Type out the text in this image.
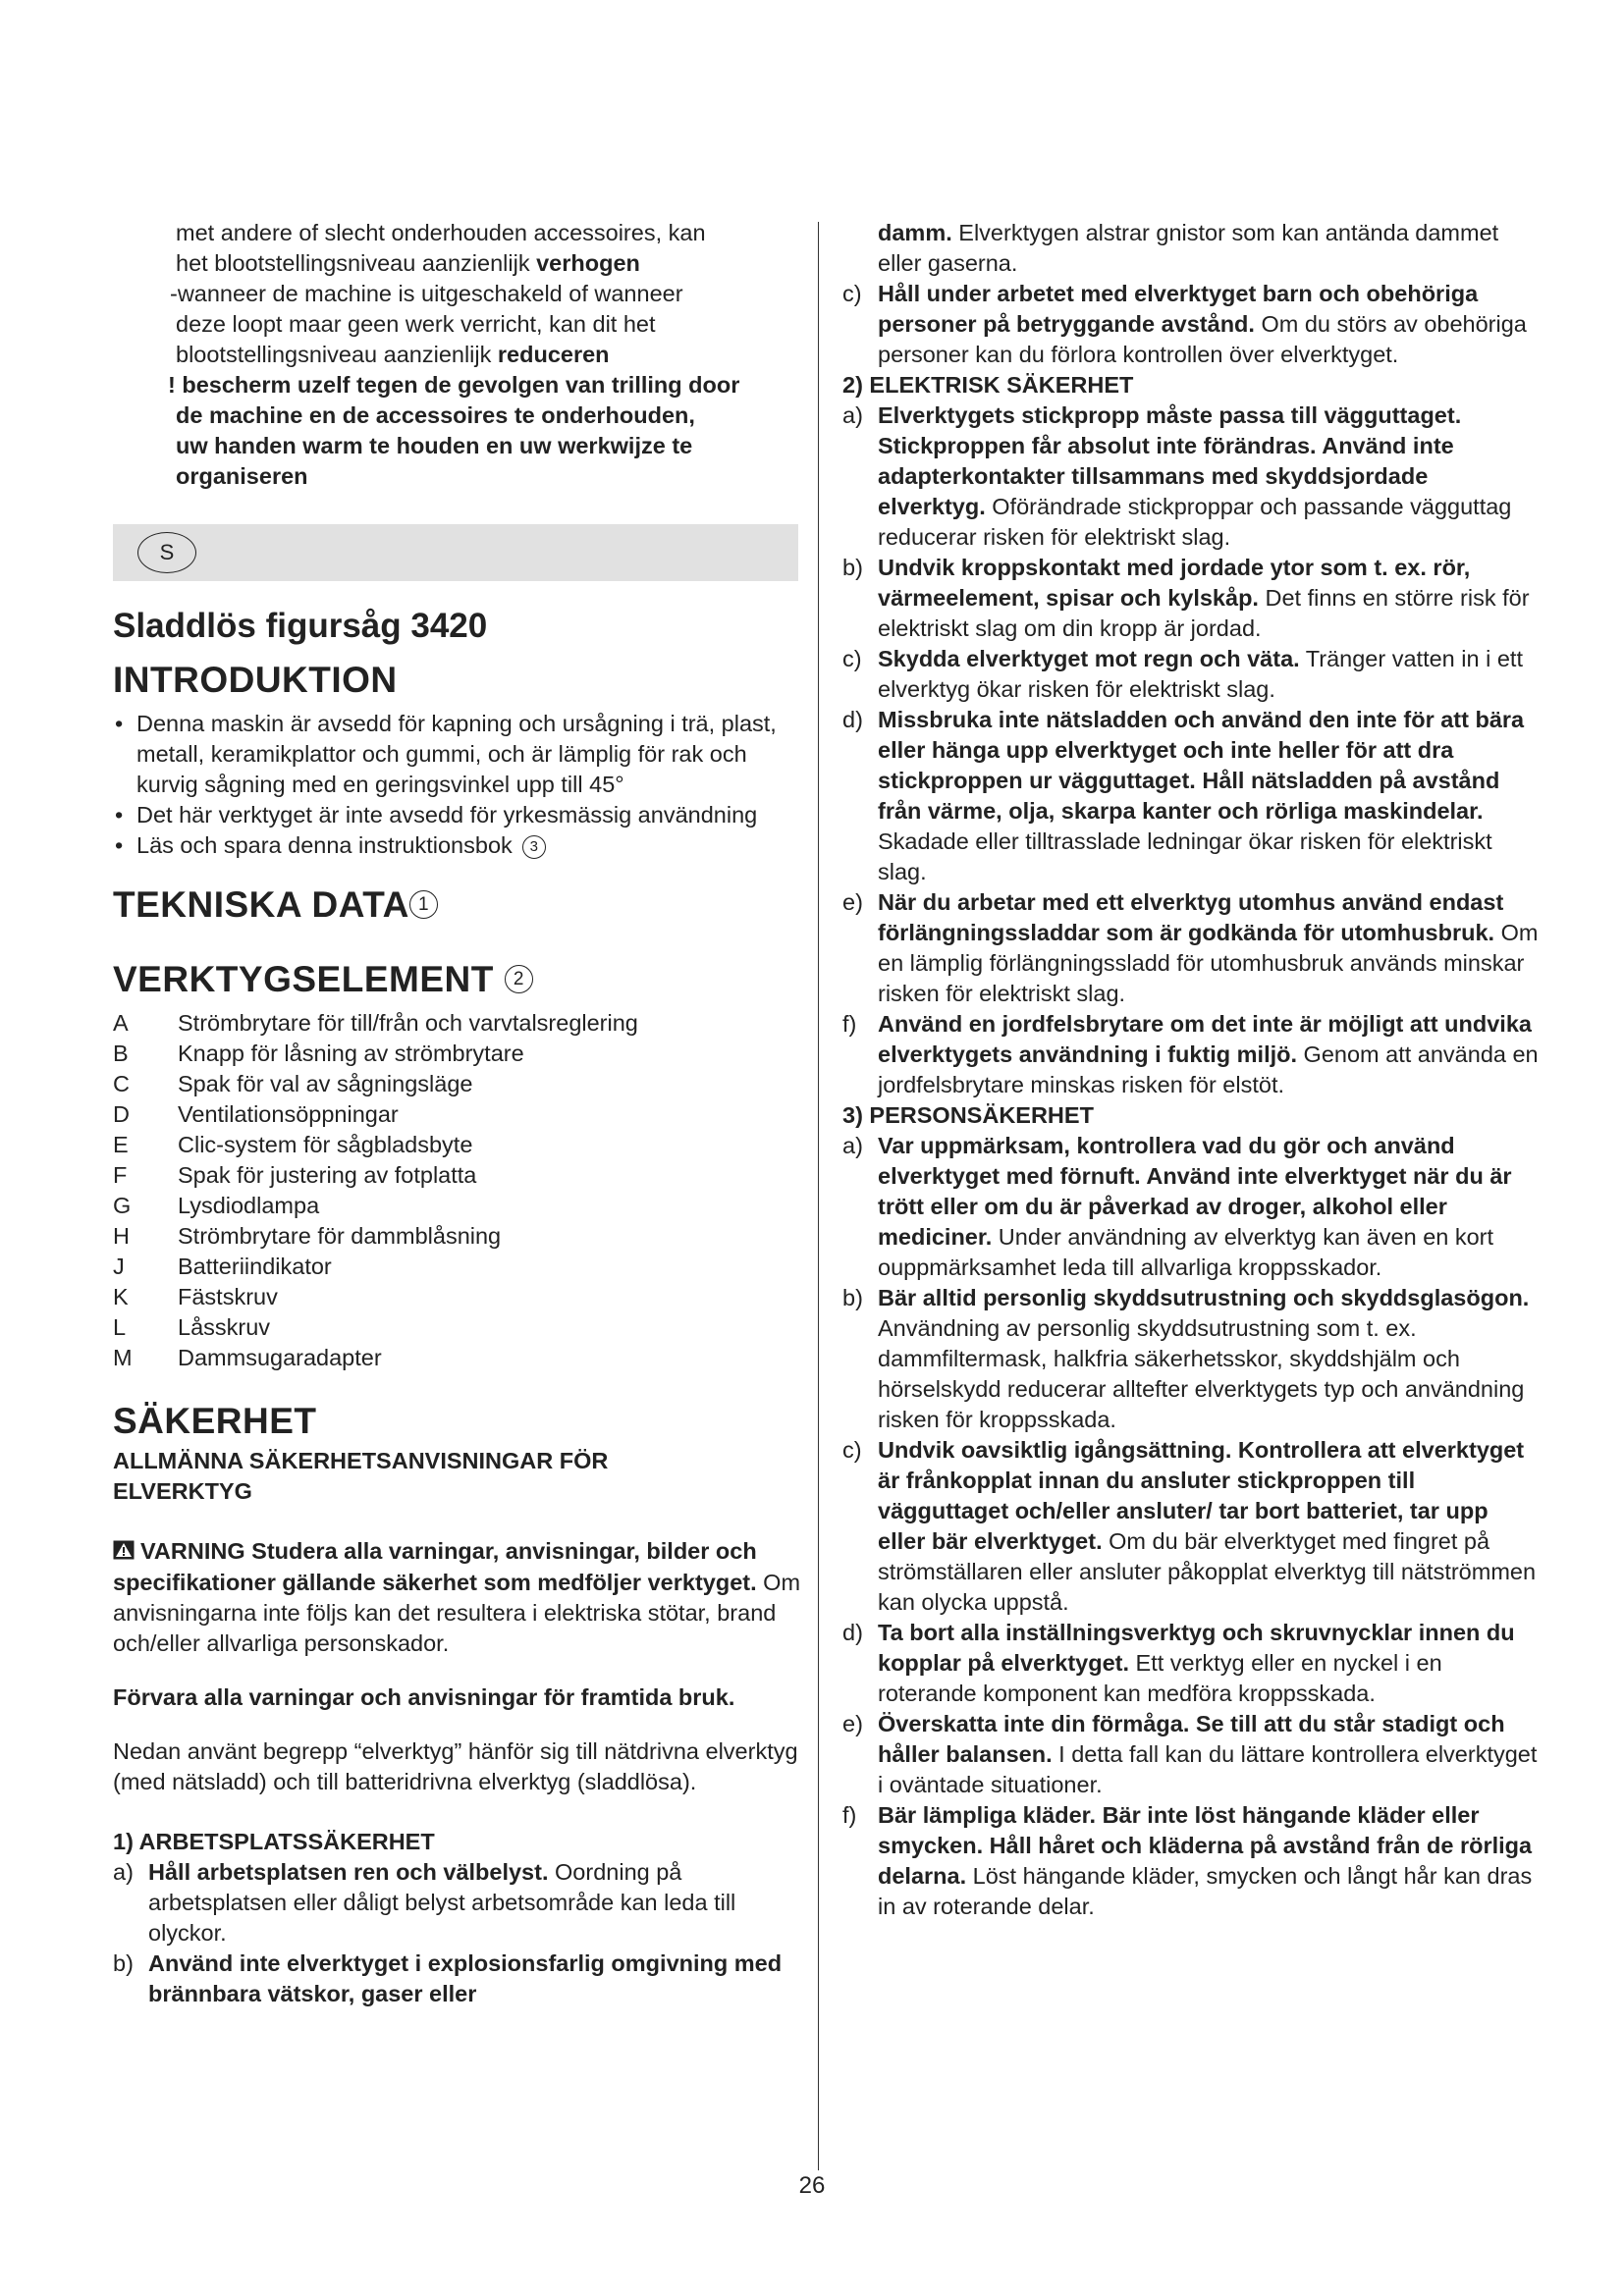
met andere of slecht onderhouden accessoires, kan

het blootstellingsniveau aanzienlijk verhogen

-wanneer de machine is uitgeschakeld of wanneer

deze loopt maar geen werk verricht, kan dit het

blootstellingsniveau aanzienlijk reduceren

! bescherm uzelf tegen de gevolgen van trilling door

de machine en de accessoires te onderhouden,

uw handen warm te houden en uw werkwijze te

organiseren

S
Sladdlös figursåg 3420
INTRODUKTION
• Denna maskin är avsedd för kapning och ursågning i trä, plast, metall, keramikplattor och gummi, och är lämplig för rak och kurvig sågning med en geringsvinkel upp till 45°
• Det här verktyget är inte avsedd för yrkesmässig användning
• Läs och spara denna instruktionsbok 3
TEKNISKA DATA 1
VERKTYGSELEMENT 2
A	Strömbrytare för till/från och varvtalsreglering
B	Knapp för låsning av strömbrytare
C	Spak för val av sågningsläge
D	Ventilationsöppningar
E	Clic-system för sågbladsbyte
F	Spak för justering av fotplatta
G	Lysdiodlampa
H	Strömbrytare för dammblåsning
J	Batteriindikator
K	Fästskruv
L	Låsskruv
M	Dammsugaradapter
SÄKERHET

ALLMÄNNA SÄKERHETSANVISNINGAR FÖR

ELVERKTYG

VARNING Studera alla varningar, anvisningar, bilder och specifikationer gällande säkerhet som medföljer verktyget. Om anvisningarna inte följs kan det resultera i elektriska stötar, brand och/eller allvarliga personskador.

Förvara alla varningar och anvisningar för framtida bruk.

Nedan använt begrepp “elverktyg” hänför sig till nätdrivna elverktyg (med nätsladd) och till batteridrivna elverktyg (sladdlösa).

1) ARBETSPLATSSÄKERHET

a) Håll arbetsplatsen ren och välbelyst. Oordning på arbetsplatsen eller dåligt belyst arbetsområde kan leda till olyckor.
b) Använd inte elverktyget i explosionsfarlig omgivning med brännbara vätskor, gaser eller
damm. Elverktygen alstrar gnistor som kan antända dammet eller gaserna.
c) Håll under arbetet med elverktyget barn och obehöriga personer på betryggande avstånd. Om du störs av obehöriga personer kan du förlora kontrollen över elverktyget.

2) ELEKTRISK SÄKERHET

a) Elverktygets stickpropp måste passa till vägguttaget. Stickproppen får absolut inte förändras. Använd inte adapterkontakter tillsammans med skyddsjordade elverktyg. Oförändrade stickproppar och passande vägguttag reducerar risken för elektriskt slag.
b) Undvik kroppskontakt med jordade ytor som t. ex. rör, värmeelement, spisar och kylskåp. Det finns en större risk för elektriskt slag om din kropp är jordad.
c) Skydda elverktyget mot regn och väta. Tränger vatten in i ett elverktyg ökar risken för elektriskt slag.
d) Missbruka inte nätsladden och använd den inte för att bära eller hänga upp elverktyget och inte heller för att dra stickproppen ur vägguttaget. Håll nätsladden på avstånd från värme, olja, skarpa kanter och rörliga maskindelar. Skadade eller tilltrasslade ledningar ökar risken för elektriskt slag.
e) När du arbetar med ett elverktyg utomhus använd endast förlängningssladdar som är godkända för utomhusbruk. Om en lämplig förlängningssladd för utomhusbruk används minskar risken för elektriskt slag.
f) Använd en jordfelsbrytare om det inte är möjligt att undvika elverktygets användning i fuktig miljö. Genom att använda en jordfelsbrytare minskas risken för elstöt.

3) PERSONSÄKERHET

a) Var uppmärksam, kontrollera vad du gör och använd elverktyget med förnuft. Använd inte elverktyget när du är trött eller om du är påverkad av droger, alkohol eller mediciner. Under användning av elverktyg kan även en kort ouppmärksamhet leda till allvarliga kroppsskador.
b) Bär alltid personlig skyddsutrustning och skyddsglasögon. Användning av personlig skyddsutrustning som t. ex. dammfiltermask, halkfria säkerhetsskor, skyddshjälm och hörselskydd reducerar alltefter elverktygets typ och användning risken för kroppsskada.
c) Undvik oavsiktlig igångsättning. Kontrollera att elverktyget är frånkopplat innan du ansluter stickproppen till vägguttaget och/eller ansluter/ tar bort batteriet, tar upp eller bär elverktyget. Om du bär elverktyget med fingret på strömställaren eller ansluter påkopplat elverktyg till nätströmmen kan olycka uppstå.
d) Ta bort alla inställningsverktyg och skruvnycklar innen du kopplar på elverktyget. Ett verktyg eller en nyckel i en roterande komponent kan medföra kroppsskada.
e) Överskatta inte din förmåga. Se till att du står stadigt och håller balansen. I detta fall kan du lättare kontrollera elverktyget i oväntade situationer.
f) Bär lämpliga kläder. Bär inte löst hängande kläder eller smycken. Håll håret och kläderna på avstånd från de rörliga delarna. Löst hängande kläder, smycken och långt hår kan dras in av roterande delar.
26
